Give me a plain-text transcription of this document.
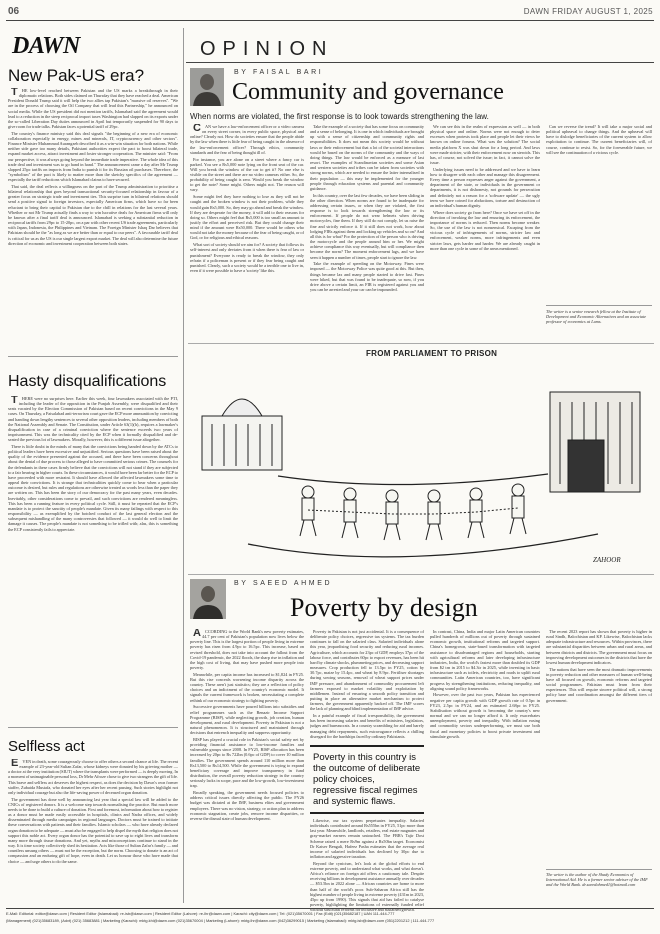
06	DAWN FRIDAY AUGUST 1, 2025
DAWN	OPINION
New Pak-US era?

THE low-level reached between Pakistan and the US marks a breakthrough in their diplomatic relations. Both sides claimed on Thursday that they have reached a deal. American President Donald Trump said it will help the two allies tap Pakistan's "massive oil reserves". "We are in the process of choosing the Oil Company that will lead this Partnership," he announced on social media. While the US president did not mention tariffs, Islamabad said the agreement would lead to a reduction in the steep reciprocal import taxes Washington had slapped on its exports under the so-called Liberation Day duties announced in April but temporarily suspended for 90 days to give room for trade talks. Pakistan faces a potential tariff of 29pc.

The country's finance ministry said this deal signals "the beginning of a new era of economic collaboration especially in energy, mines and minerals, IT, cryptocurrency and other sectors". Finance Minister Muhammad Aurangzeb described it as a win-win situation for both nations. While neither side gave too many details, Pakistani authorities expect the pact to boost bilateral trade, expand market access, attract investment and foster stronger cooperation. The minister said: "From our perspective, it was always going beyond the immediate trade imperative. The whole idea of this trade deal and investment was to go hand in hand." The announcement came a day after Mr Trump slapped 25pc tariffs on imports from India to punish it for its Russian oil purchases. Therefore, the "symbolism" of the pact is likely to matter more than the sketchy specifics of the agreement — especially the tariff reductions which Islamabad claims to have secured.

That said, the deal reflects a willingness on the part of the Trump administration to prioritise a bilateral relationship that goes beyond transactional security-focused relationship in favour of a greater focus on strategic trade and investment ties. This surprise turn in bilateral relations should send a positive signal to foreign investors, especially American firms, which have so far been reluctant to bring their capital to Pakistan due to the chill in relations for the last several years. Whether or not Mr Trump actually finds a way to win lucrative deals for American firms will only be known after a final tariff deal is announced. Islamabad is seeking a substantial reduction in reciprocal tariffs from 29pc to 15-20pc, on a par with other recent US trade agreements, particularly with Japan, Indonesia, the Philippines and Vietnam. The Foreign Minister Ishaq Dar believes that Pakistan should be the "as long as we are better than or equal to our peers". A favourable tariff deal is critical for us as the US is our single largest export market. The deal will also determine the future direction of economic and investment cooperation between both states.

Hasty disqualifications

THERE were no surprises here. Earlier this week, four lawmakers associated with the PTI, including the leader of the opposition in the Punjab Assembly, were disqualified and their seats vacated by the Election Commission of Pakistan based on recent convictions in the May 9 cases. On Thursday, a Faisalabad anti-terrorism court gave the ECP more ammunition by convicting and handing down lengthy sentences to several other opposition leaders, including members of both the National Assembly and Senate. The Constitution, under Article 63(1)(h), requires a lawmaker's disqualification in case of a criminal conviction where the sentence exceeds two years of imprisonment. This was the technicality cited by the ECP when it formally disqualified and de-seated the previous lot of lawmakers. Morally, however, this is a different issue altogether.

There is little doubt in the minds of many that the convictions being handed down by the ATCs to political leaders have been excessive and unjustified. Serious questions have been raised about the quality of the evidence presented against the accused, and there have been concerns throughout about the denial of due process to those alleged to have committed serious crimes. The counsels for the defendants in these cases firmly believe that the convictions will not stand if they are subjected to a fair hearing in higher courts. In these circumstances, it would have been far better for the ECP to have proceeded with more restraint. It should have allowed the affected lawmakers some time to appeal their convictions. It is strange that technicalities quickly come to bear when a particular outcome is desired, but rules and regulations are otherwise treated as words less than the paper they are written on. This has been the story of our democracy for the past many years, even decades. Inevitably, other considerations come to prevail, and such convictions are rendered meaningless. This has been a running feature in every political cycle. Still, it must be repeated that the ECP's mandate is to protect the sanctity of people's mandate. Given its many failings with respect to this responsibility — as exemplified by the botched conduct of the last general election and the subsequent mishandling of the many controversies that followed — it would do well to limit the damage it causes. The people's mandate is not something to be trifled with; alas, this is something the ECP consistently fails to appreciate.

Selfless act

EVEN in death, some courageously choose to offer others a second chance at life. The recent example of 23-year-old Sultan Zafar, whose kidneys were donated by his grieving mother — a doctor at the very institution (SIUT) where the transplants were performed — is deeply moving. In a moment of unimaginable personal loss, Dr Mehr Afroze chose to give two strangers the gift of life. This brave and selfless act deserves the highest respect, as does the decision by Dawn's own former staffer, Zubaida Mustafa, who donated her eyes after her recent passing. Such stories highlight not only individual courage but also the life-saving power of deceased organ donation.

The government has done well by announcing last year that a special law will be added to the CNICs of registered donors. It is a welcome step towards normalising the practice. But much more needs to be done to build a culture of donation. First and foremost, information about how to register as a donor must be made easily accessible in hospitals, clinics and Nadra offices, and widely disseminated through media campaigns in regional languages. Doctors must be trained to initiate these conversations with patients and their families. Islamic scholars — who have already declared organ donation to be adequate — must also be engaged to help dispel the myth that religion does not support this noble act. Every organ donor has the potential to save up to eight lives and transform many more through tissue donations. And yet, myths and misconceptions continue to stand in the way. It is time society collectively shed its hesitation. Acts like those of Sultan Zafar's family — and countless unsung others — must not be the exception, but the norm. Choosing to donate is an act of compassion and an enduring gift of hope, even in death. Let us honour those who have made that choice — and urge others to do the same.

BY FAISAL BARI
Community and governance
When norms are violated, the first response is to look towards strengthening the law.

CAN we have a law-enforcement officer or a video camera on every street corner, in every public space, physical and online? Clearly not. How do societies ensure that the people abide by the law when there is little fear of being caught in the absence of the law-enforcement officer? Through ethics, community standards and the fear of being thought ill of.

For instance, you are alone on a street where a fancy car is parked. You see a Rs5,000 note lying on the front seat of the car. Will you break the window of the car to get it? No one else is visible on the street and there are no video cameras either. So, the probability of being caught is zero. Would you break the window to get the note? Some might. Others might not. The reason will vary.

Some might feel they have nothing to lose as they will not be caught and the broken window is not their problem, while they would gain Rs5,000. So, they may go ahead and break the window. If they are desperate for the money, it will add to their reasons for doing so. Others might feel that Rs5,000 is too small an amount to justify the effort and perceived risk. But they could change their mind if the amount were Rs50,000. There would be others who would not take the money because of the fear of being caught, or of God, or for religious and ethical reasons.

What sort of society should we aim for? A society that follows its self-interest and only deviates from it when there is fear of law or punishment? Everyone is ready to break the window, they only refrain if a policeman is present or if they fear being caught and punished. Clearly, such a society would be a terrible one to live in, even if it were possible to have a 'society' like this.

Take the example of a society that has some focus on community and a sense of belonging. It is one in which individuals are brought up with a sense of citizenship and community rights and responsibilities. It does not mean this society would be without laws or their enforcement but that a lot of the societal interactions would be based on the norms of the community and the ways of doing things. The law would be enforced as a measure of last resort. The examples of Scandinavian societies and some Asian and western societies and tribes can be taken from societies with strong norms, which are needed to ensure the latter internalised in their population — this may be implemented for the younger people through education systems and parental and community guidance.

In this country, over the last few decades, we have been sliding in the other direction. When norms are found to be inadequate for addressing certain issues, or when they are violated, the first response is to look towards strengthening the law or its enforcement. If people do not wear helmets when driving motorcycles, fine them. If they still do not comply, let us raise the fine and strictly enforce it. If it still does not work, how about lodging FIRs against them and locking up vehicles and so on? And all this is for what? For the protection of the person who is driving the motorcycle and the people around him or her. We might achieve compliance this way eventually, but will compliance then become the norm? The moment enforcement lags, and we have seen it happen a number of times, people start to ignore the law.

Take the example of speeding on the Motorway. Fines were imposed — the Motorway Police was quite good at this. But then, things became lax and many people started to drive fast. Fines were hiked, but that was found to be inadequate, so now, if you drive above a certain limit, an FIR is registered against you and you can be arrested and your car can be impounded.

We can see this in the realm of expression as well — in both physical space and online. Norms were not enough to deter excesses when protests took place and people let their views be known on online forums. What was the solution? The social media platform X was shut down for a long period. And laws were made stricter, with their enforcement now on steroids. This has, of course, not solved the issue; in fact, it cannot solve the issue.

Underlying issues need to be addressed and we have to learn how to disagree with each other and manage this disagreement. Every time a person expresses anger against the government, a department of the state, or individuals in the government or departments, it is not dishonesty, not grounds for persecution and definitely not a reason for a 'software update' — the ugly term we have coined for abductions, torture and destruction of an individual's human dignity.

Where does society go from here? Once we have set off in the direction of invoking the law and ensuring its enforcement, the importance of norms is reduced. Then norms become weaker. So, the use of the law is not nonsensical. Escaping from the vicious cycle of infringements of norms, stricter law and enforcement, weaker norms, more infringements and even stricter laws, gets harder and harder. We are already caught in more than one cycle in some of the areas mentioned.

Can we reverse the trend? It will take a major social and political upheaval to change things. And the upheaval will have to dislodge beneficiaries of the current system to allow exploitation to continue. The current beneficiaries will, of course, continue to resist. So, for the foreseeable future, we will see the continuation of a vicious cycle.

The writer is a senior research fellow at the Institute of Development and Economic Alternatives and an associate professor of economics at Lums.
FROM PARLIAMENT TO PRISON
ZAHOOR
BY SAEED AHMED
Poverty by design

ACCORDING to the World Bank's new poverty estimates, 44.7 per cent of Pakistan's population now lives below the poverty line. This is the largest portion of people living in extreme poverty has risen from 4.9pc to 16.5pc. This increase, based on revised threshold, does not take into account the fallout from the Covid-19 pandemic, the 2022 floods, the sharp rise in inflation and the high cost of living, that may have pushed more people into poverty.

Meanwhile, per capita income has increased to $1,824 in FY25. But this rise conceals worsening income disparity across the country. These aren't just statistics; they are a reflection of policy choices and an indictment of the country's economic model. It signals the current framework is broken, necessitating a complete rethink of our economic strategy to fighting poverty.

Successive governments have poured billions into subsidies and relief programmes such as the Benazir Income Support Programme (BISP), while neglecting growth, job creation, human development, and rural development. Poverty in Pakistan is not a natural phenomenon. It is structured and maintained through decisions that entrench inequality and suppress opportunity.

BISP has played a crucial role in Pakistan's social safety net by providing financial assistance to low-income families and vulnerable groups since 2008. In FY25, BISP allocation has been increased by 20pc to Rs 722bn (0.6pc of GDP) to cover 10 million families. The government spends around 110 million more than Rs13,500 to Rs14,500. While the government is trying to expand beneficiary coverage and improve transparency in fund distribution, the overall poverty reduction strategy in the country seriously lacks in scope, pace and the low-growth, low-investment trap.

Broadly speaking, the government needs focused policies to address critical issues directly affecting the public. The FY26 budget was dictated at the IMF, business elites and government employees. There was no vision, strategy, or action plan to address economic stagnation, create jobs, remove income disparities, or reverse the dismal state of human development.

Poverty in Pakistan is not just accidental. It is a consequence of deliberate policy choices, regressive tax systems. The tax burden continues to fall on the salaried class. Salaried individuals alone this year, jeopardising food security and reducing rural incomes. Agriculture, which accounts for 23pc of GDP, employs 37pc of the labour force, and contributes 60pc to export revenues, has been hit hard by climate shocks, plummeting prices, and decreasing support measures. Crop production fell to 13.5pc in FY25, cotton by 30.7pc, maize by 15.4pc, and wheat by 8.9pc. Fertiliser shortages during sowing seasons, removal of wheat support prices under IMF pressure, and abandonment of commodity procurement left farmers exposed to market volatility and exploitation by middlemen. Instead of ensuring a smooth policy transition and putting in place an alternative market mechanism to protect farmers, the government apparently backed off. The IMF scores the lack of planning and blind implementation of IMF advice.

In a painful example of fiscal irresponsibility, the government has been increasing salaries and benefits of ministers, legislators, judges and bureaucrats. In a country scrambling for aid and barely managing debt repayments, such extravagance reflects a chilling disregard for the hardships faced by ordinary Pakistanis.

Poverty in this country is the outcome of deliberate policy choices, regressive fiscal regimes and systemic flaws.

Likewise, our tax system perpetuates inequality. Salaried individuals contributed around Rs555bn in FY25, 51pc more than last year. Meanwhile, landlords, retailers, real estate magnates and gray-market earners remain untouched. The FBR's Tajir Dost Scheme raised a mere Rs9m against a Rs50bn target. Economist Dr Kaiser Bengali, Hafeez Pasha estimates that the average real income of salaried individuals has declined by 30pc due to inflation and aggressive taxation.

Beyond the cynicism, let's look at the global efforts to end extreme poverty, and to understand what works, and what doesn't. Africa's reliance on foreign aid offers a cautionary tale. Despite receiving billions in development assistance annually over decades — $53.5bn in 2022 alone — African countries are home to more than half of the world's poor. Sub-Saharan Africa still has the highest number of people living in extreme poverty (431m in 2023, 45pc up from 1990). This signals that aid has failed to catalyse poverty, highlighting the limitations of externally funded relief without structural reforms for inclusive and sustained growth.

In contrast, China, India and major Latin American countries pulled hundreds of millions out of poverty through sustained economic growth, institutional reforms and targeted support. China's homegrown, state-based transformation with targeted assistance to disadvantaged regions and households, starting with agricultural reforms and later developing infrastructure industries, India, the world's fastest more than doubled its GDP from $2 trn in 2015 to $4.3tr in 2025, while investing in basic infrastructure such as toilets, electricity and roads to uplift rural communities. Latin American countries, too, have significant progress by strengthening institutions, reducing inequality, and aligning sound policy frameworks.

However, over the past two years, Pakistan has experienced negative per capita growth with GDP growth rate of 0.5pc in FY23, 2.5pc in FY24, and an estimated 2.68pc in FY25. Stabilisation without growth is becoming the country's new normal and we can no longer afford it. It only exacerbates unemployment, poverty and inequality. With inflation easing and commodity sectors underperforming, we must use both fiscal and monetary policies to boost private investment and stimulate growth.

The recent 2023 report has shown that poverty is higher in rural Sindh, Balochistan and KP. Likewise, Balochistan lacks adequate infrastructure and resources. Within provinces, there are substantial disparities between urban and rural areas, and between districts and districts. The government must focus on improving development outcomes in the districts that have the lowest human development indicators.

The nations that have seen the most dramatic improvements in poverty reduction and other measures of human well-being have all focused on growth, economic reforms and targeted social programmes. Pakistan must learn from their experiences. This will require sincere political will, a strong policy base and coordination amongst the different tiers of government.

The writer is the author of the Shady Economics of International Aid. He is a former senior adviser of the IMF and the World Bank. dr.saeedahmed1@hotmail.com
E-Mail: Editorial: editor@dawn.com | Resident Editor (Islamabad): re-isb@dawn.com | Resident Editor (Lahore): re-lhr@dawn.com | Karachi: city@dawn.com | Tel: (021)35670001 | Fax (Edit) (021)35682187 | UAN 111-444-777
(Management) (021)35683189, (Advt) (021) 35683881 | Marketing (Karachi): mktg.khi@dawn.com (021)35670004 | Marketing (Lahore): mktg.lhr@dawn.com (042)36299015 | Marketing (Islamabad): mktg.isb@dawn.com (051)2201212 | 111-444-777
